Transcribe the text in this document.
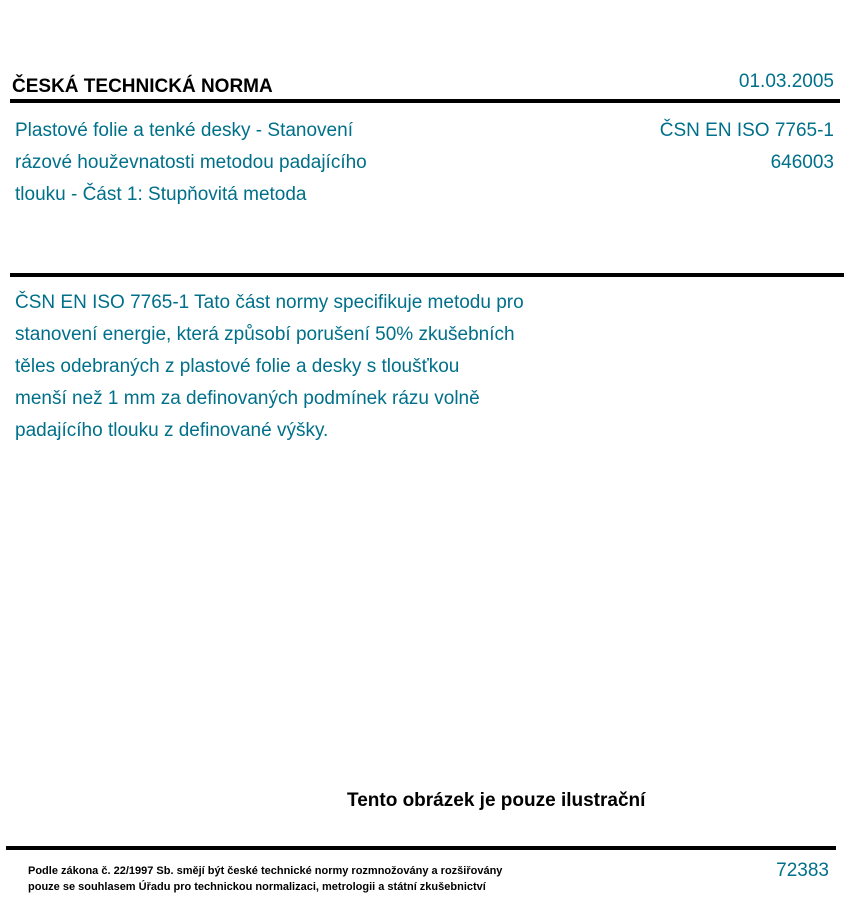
ČESKÁ TECHNICKÁ NORMA	01.03.2005
Plastové folie a tenké desky - Stanovení
rázové houževnatosti metodou padajícího
tlouku - Část 1: Stupňovitá metoda
ČSN EN ISO 7765-1
646003
ČSN EN ISO 7765-1 Tato část normy specifikuje metodu pro
stanovení energie, která způsobí porušení 50% zkušebních
těles odebraných z plastové folie a desky s tloušťkou
menší než 1 mm za definovaných podmínek rázu volně
padajícího tlouku z definované výšky.
Tento obrázek je pouze ilustrační
Podle zákona č. 22/1997 Sb. smějí být české technické normy rozmnožovány a rozšiřovány
pouze se souhlasem Úřadu pro technickou normalizaci, metrologii a státní zkušebnictví
72383
